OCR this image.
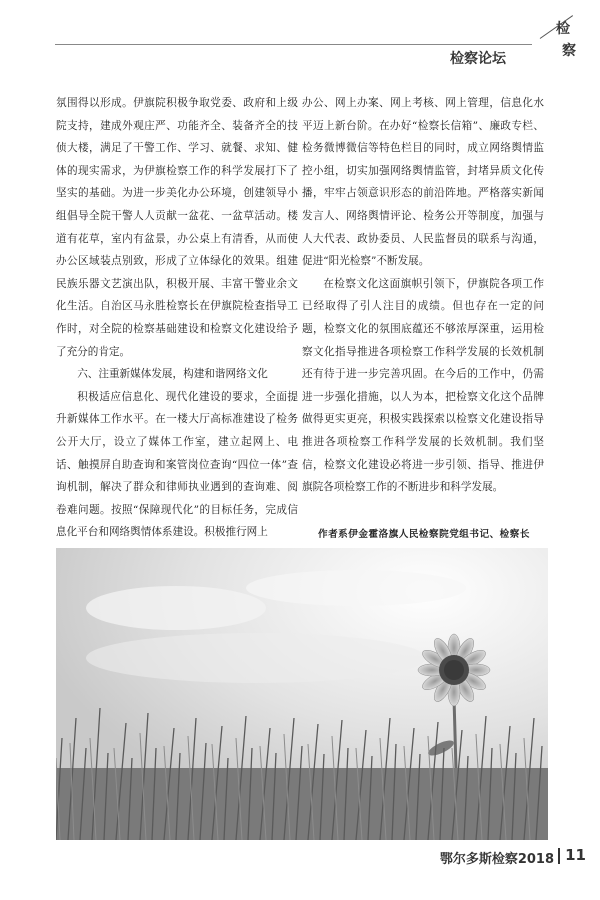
检
察
检察论坛

氛围得以形成。伊旗院积极争取党委、政府和上级院支持，建成外观庄严、功能齐全、装备齐全的技侦大楼，满足了干警工作、学习、就餐、求知、健体的现实需求，为伊旗检察工作的科学发展打下了坚实的基础。为进一步美化办公环境，创建领导小组倡导全院干警人人贡献一盆花、一盆草活动。楼道有花草，室内有盆景，办公桌上有清香，从而使办公区域装点别致，形成了立体绿化的效果。组建民族乐器文艺演出队，积极开展、丰富干警业余文化生活。自治区马永胜检察长在伊旗院检查指导工作时，对全院的检察基础建设和检察文化建设给予了充分的肯定。

六、注重新媒体发展，构建和谐网络文化

积极适应信息化、现代化建设的要求，全面提升新媒体工作水平。在一楼大厅高标准建设了检务公开大厅，设立了媒体工作室，建立起网上、电话、触摸屏自助查询和案管岗位查询“四位一体”查询机制，解决了群众和律师执业遇到的查询难、阅卷难问题。按照“保障现代化”的目标任务，完成信息化平台和网络舆情体系建设。积极推行网上

办公、网上办案、网上考核、网上管理，信息化水平迈上新台阶。在办好“检察长信箱”、廉政专栏、检务微博微信等特色栏目的同时，成立网络舆情监控小组，切实加强网络舆情监管，封堵异质文化传播，牢牢占领意识形态的前沿阵地。严格落实新闻发言人、网络舆情评论、检务公开等制度，加强与人大代表、政协委员、人民监督员的联系与沟通，促进“阳光检察”不断发展。

在检察文化这面旗帜引领下，伊旗院各项工作已经取得了引人注目的成绩。但也存在一定的问题，检察文化的氛围底蕴还不够浓厚深重，运用检察文化指导推进各项检察工作科学发展的长效机制还有待于进一步完善巩固。在今后的工作中，仍需进一步强化措施，以人为本，把检察文化这个品牌做得更实更亮，积极实践探索以检察文化建设指导推进各项检察工作科学发展的长效机制。我们坚信，检察文化建设必将进一步引领、指导、推进伊旗院各项检察工作的不断进步和科学发展。

作者系伊金霍洛旗人民检察院党组书记、检察长
鄂尔多斯检察2018 11
